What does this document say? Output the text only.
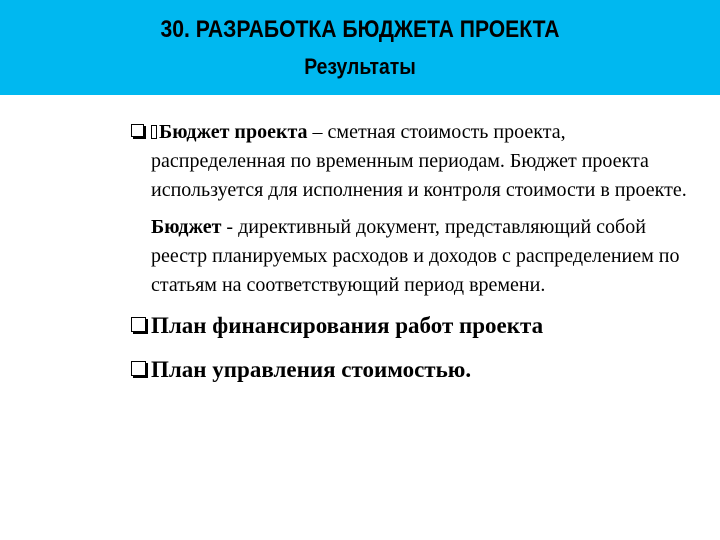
30. РАЗРАБОТКА БЮДЖЕТА ПРОЕКТА
Результаты
Бюджет проекта – сметная стоимость проекта, распределенная по временным периодам. Бюджет проекта используется для исполнения и контроля стоимости в проекте.
Бюджет - директивный документ, представляющий собой реестр планируемых расходов и доходов с распределением по статьям на соответствующий период времени.
План финансирования работ проекта
План управления стоимостью.
